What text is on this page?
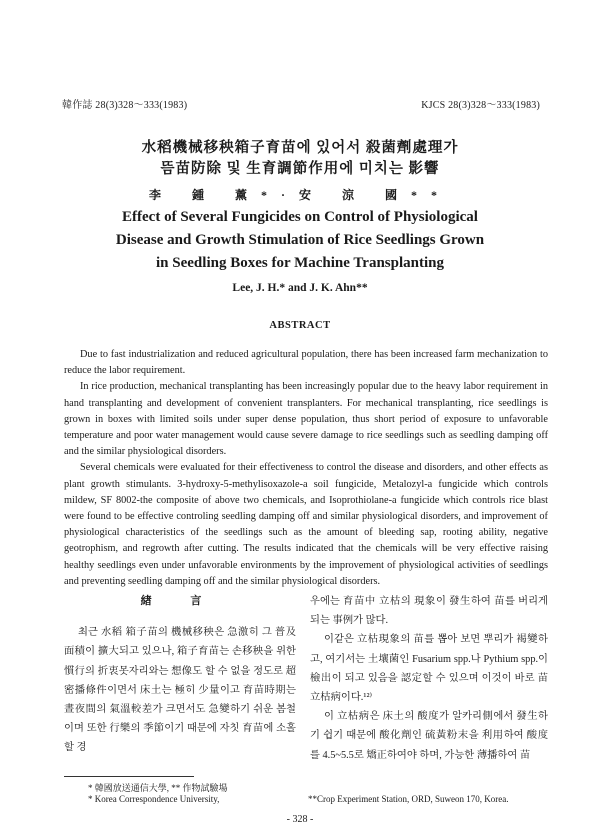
韓作誌 28(3)328～333(1983)	KJCS 28(3)328～333(1983)
水稻機械移秧箱子育苗에 있어서 殺菌劑處理가
뜸苗防除 및 生育調節作用에 미치는 影響
李 鍾 薰*·安 涼 國**
Effect of Several Fungicides on Control of Physiological
Disease and Growth Stimulation of Rice Seedlings Grown
in Seedling Boxes for Machine Transplanting
Lee, J. H.* and J. K. Ahn**
ABSTRACT

Due to fast industrialization and reduced agricultural population, there has been increased farm mechanization to reduce the labor requirement.

In rice production, mechanical transplanting has been increasingly popular due to the heavy labor requirement in hand transplanting and development of convenient transplanters. For mechanical transplanting, rice seedlings is grown in boxes with limited soils under super dense population, thus short period of exposure to unfavorable temperature and poor water management would cause severe damage to rice seedlings such as seedling damping off and the similar physiological disorders.

Several chemicals were evaluated for their effectiveness to control the disease and disorders, and other effects as plant growth stimulants. 3-hydroxy-5-methylisoxazole-a soil fungicide, Metalozyl-a fungicide which controls mildew, SF 8002-the composite of above two chemicals, and Isoprothiolane-a fungicide which controls rice blast were found to be effective controling seedling damping off and similar physiological disorders, and improvement of physiological characteristics of the seedlings such as the amount of bleeding sap, rooting ability, negative geotrophism, and regrowth after cutting. The results indicated that the chemicals will be very effective raising healthy seedlings even under unfavorable environments by the improvement of physiological activities of seedlings and preventing seedling damping off and the similar physiological disorders.

緖 言

최근 水稻 箱子苗의 機械移秧은 急激히 그 普及面積이 擴大되고 있으나, 箱子育苗는 손移秧을 위한 慣行의 折衷못자리와는 想像도 할 수 없을 정도로 超密播條件이면서 床土는 極히 少量이고 育苗時期는 晝夜間의 氣溫較差가 크면서도 急變하기 쉬운 봄철이며 또한 行樂의 季節이기 때문에 자칫 育苗에 소홀할 경

우에는 育苗中 立枯의 現象이 發生하여 苗를 버리게 되는 事例가 많다.

이같은 立枯現象의 苗를 뽑아 보면 뿌리가 褐變하고, 여기서는 土壤菌인 Fusarium spp.나 Pythium spp.이 檢出이 되고 있음을 認定할 수 있으며 이것이 바로 苗立枯病이다.¹²⁾

이 立枯病은 床土의 酸度가 알카리側에서 發生하기 쉽기 때문에 酸化劑인 硫黃粉末을 利用하여 酸度를 4.5~5.5로 矯正하여야 하며, 가능한 薄播하여 苗

* 韓國放送通信大學, ** 作物試驗場
* Korea Correspondence University,	**Crop Experiment Station, ORD, Suweon 170, Korea.
- 328 -
